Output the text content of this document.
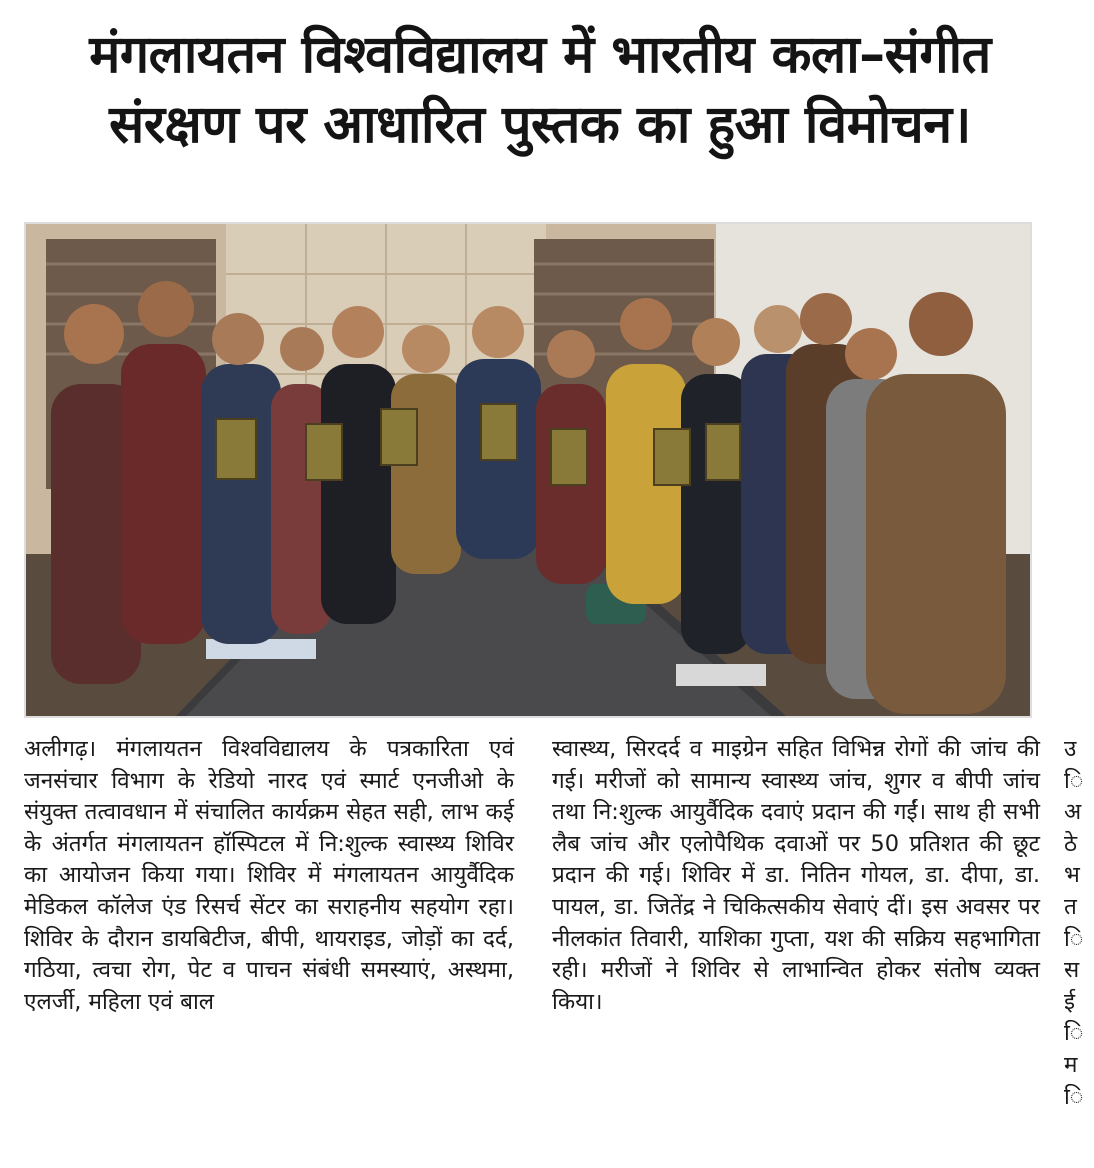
मंगलायतन विश्वविद्यालय में भारतीय कला–संगीत
संरक्षण पर आधारित पुस्तक का हुआ विमोचन।
अलीगढ़। मंगलायतन विश्वविद्यालय के पत्रकारिता एवं जनसंचार विभाग के रेडियो नारद एवं स्मार्ट एनजीओ के संयुक्त तत्वावधान में संचालित कार्यक्रम सेहत सही, लाभ कई के अंतर्गत मंगलायतन हॉस्पिटल में नि:शुल्क स्वास्थ्य शिविर का आयोजन किया गया। शिविर में मंगलायतन आयुर्वैदिक मेडिकल कॉलेज एंड रिसर्च सेंटर का सराहनीय सहयोग रहा। शिविर के दौरान डायबिटीज, बीपी, थायराइड, जोड़ों का दर्द, गठिया, त्वचा रोग, पेट व पाचन संबंधी समस्याएं, अस्थमा, एलर्जी, महिला एवं बाल
स्वास्थ्य, सिरदर्द व माइग्रेन सहित विभिन्न रोगों की जांच की गई। मरीजों को सामान्य स्वास्थ्य जांच, शुगर व बीपी जांच तथा नि:शुल्क आयुर्वैदिक दवाएं प्रदान की गईं। साथ ही सभी लैब जांच और एलोपैथिक दवाओं पर 50 प्रतिशत की छूट प्रदान की गई। शिविर में डा. नितिन गोयल, डा. दीपा, डा. पायल, डा. जितेंद्र ने चिकित्सकीय सेवाएं दीं। इस अवसर पर नीलकांत तिवारी, याशिका गुप्ता, यश की सक्रिय सहभागिता रही। मरीजों ने शिविर से लाभान्वित होकर संतोष व्यक्त किया।
उ
ि
अ
ठे
भ
त
ि
स
ई
ि
म
ि
